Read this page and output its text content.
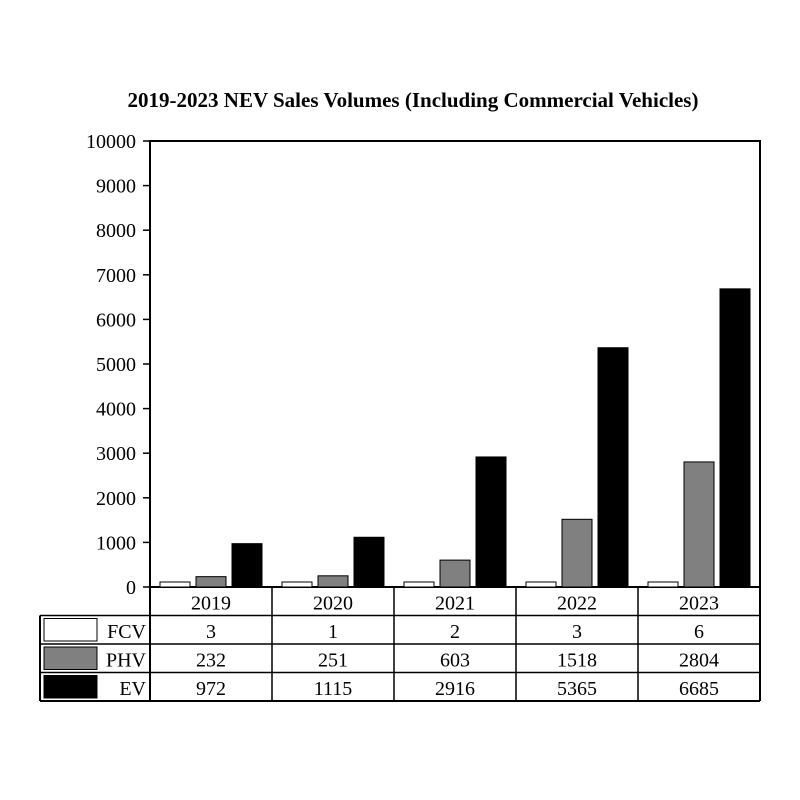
2019-2023 NEV Sales Volumes (Including Commercial Vehicles)
0
1000
2000
3000
4000
5000
6000
7000
8000
9000
10000
2019	2020	2021	2022	2023
FCV	3	1	2	3	6
PHV	232	251	603	1518	2804
EV	972	1115	2916	5365	6685
